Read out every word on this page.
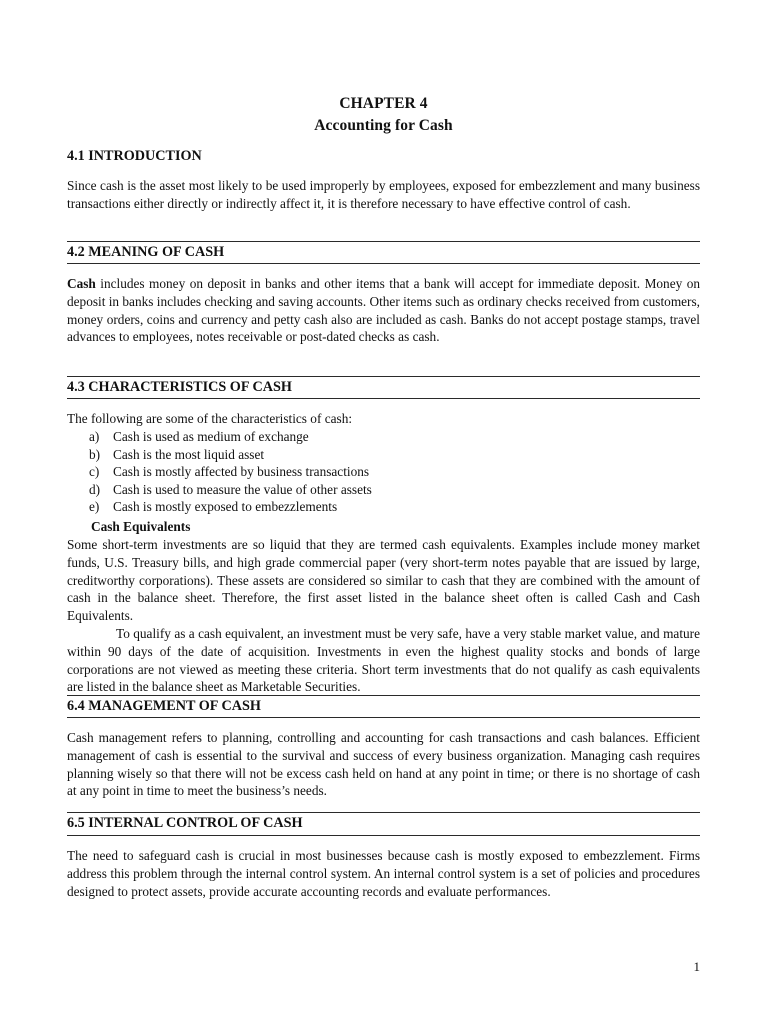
CHAPTER 4
Accounting for Cash
4.1 INTRODUCTION
Since cash is the asset most likely to be used improperly by employees, exposed for embezzlement and many business transactions either directly or indirectly affect it, it is therefore necessary to have effective control of cash.
4.2 MEANING OF CASH
Cash includes money on deposit in banks and other items that a bank will accept for immediate deposit. Money on deposit in banks includes checking and saving accounts. Other items such as ordinary checks received from customers, money orders, coins and currency and petty cash also are included as cash. Banks do not accept postage stamps, travel advances to employees, notes receivable or post-dated checks as cash.
4.3 CHARACTERISTICS OF CASH
The following are some of the characteristics of cash:
a) Cash is used as medium of exchange
b) Cash is the most liquid asset
c) Cash is mostly affected by business transactions
d) Cash is used to measure the value of other assets
e) Cash is mostly exposed to embezzlements
Cash Equivalents
Some short-term investments are so liquid that they are termed cash equivalents. Examples include money market funds, U.S. Treasury bills, and high grade commercial paper (very short-term notes payable that are issued by large, creditworthy corporations). These assets are considered so similar to cash that they are combined with the amount of cash in the balance sheet. Therefore, the first asset listed in the balance sheet often is called Cash and Cash Equivalents.
To qualify as a cash equivalent, an investment must be very safe, have a very stable market value, and mature within 90 days of the date of acquisition. Investments in even the highest quality stocks and bonds of large corporations are not viewed as meeting these criteria. Short term investments that do not qualify as cash equivalents are listed in the balance sheet as Marketable Securities.
6.4 MANAGEMENT OF CASH
Cash management refers to planning, controlling and accounting for cash transactions and cash balances. Efficient management of cash is essential to the survival and success of every business organization. Managing cash requires planning wisely so that there will not be excess cash held on hand at any point in time; or there is no shortage of cash at any point in time to meet the business’s needs.
6.5 INTERNAL CONTROL OF CASH
The need to safeguard cash is crucial in most businesses because cash is mostly exposed to embezzlement. Firms address this problem through the internal control system. An internal control system is a set of policies and procedures designed to protect assets, provide accurate accounting records and evaluate performances.
1
